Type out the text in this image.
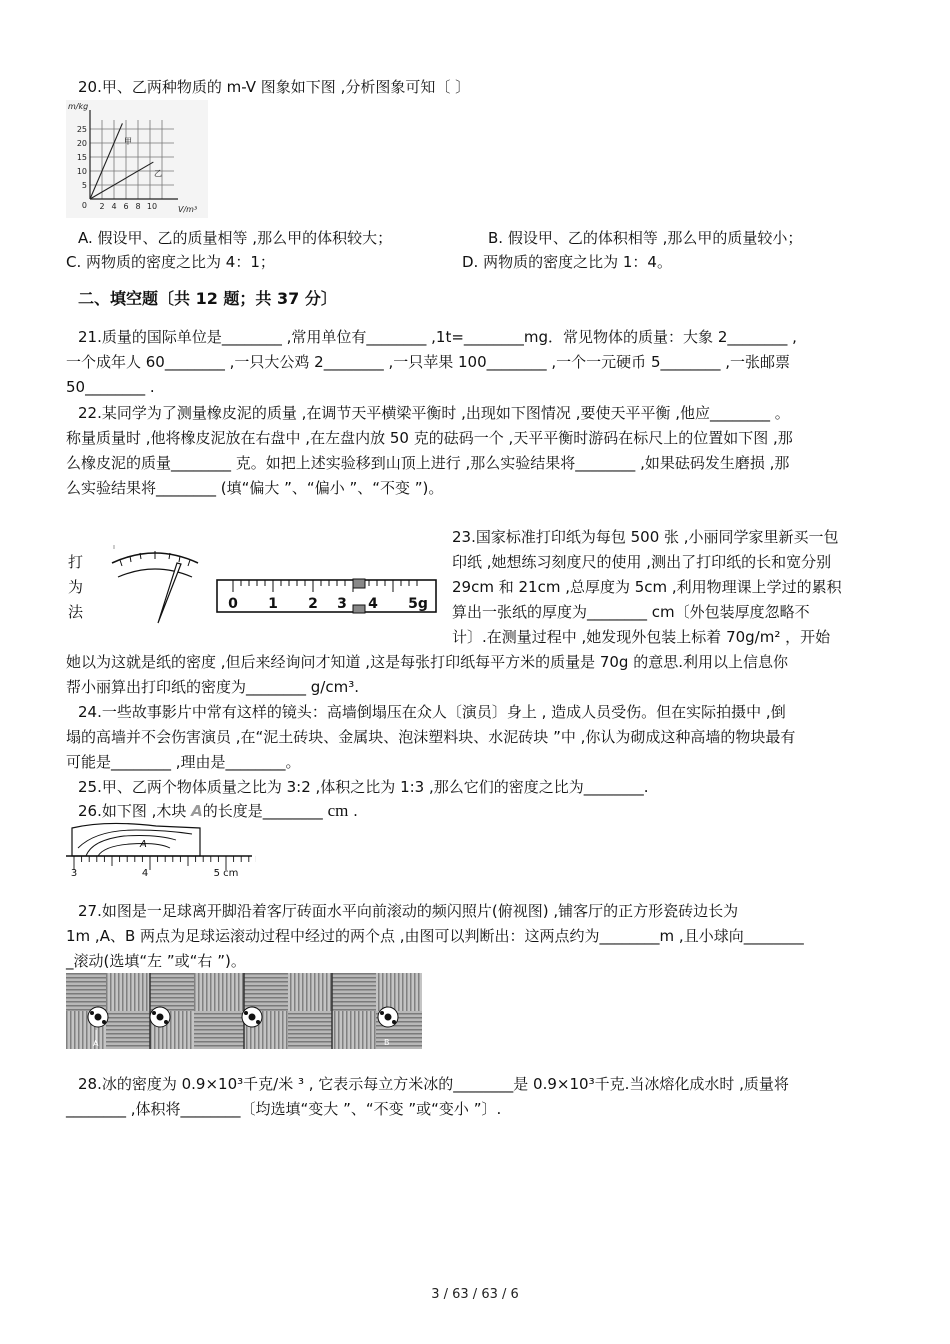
20.甲、乙两种物质的 m-V 图象如下图 ,分析图象可知〔 〕
m/kg
V/m³
25
20
15
10
5
0 2 4 6 8 10
甲
乙
A. 假设甲、乙的质量相等 ,那么甲的体积较大；	B. 假设甲、乙的体积相等 ,那么甲的质量较小；
C. 两物质的密度之比为 4：1；	D. 两物质的密度之比为 1：4。
二、填空题〔共 12 题；共 37 分〕
21.质量的国际单位是________ ,常用单位有________ ,1t=________mg．常见物体的质量：大象 2________ ,
一个成年人 60________ ,一只大公鸡 2________ ,一只苹果 100________ ,一个一元硬币 5________ ,一张邮票
50________ .
22.某同学为了测量橡皮泥的质量 ,在调节天平横梁平衡时 ,出现如下图情况 ,要使天平平衡 ,他应________ 。
称量质量时 ,他将橡皮泥放在右盘中 ,在左盘内放 50 克的砝码一个 ,天平平衡时游码在标尺上的位置如下图 ,那
么橡皮泥的质量________ 克。如把上述实验移到山顶上进行 ,那么实验结果将________ ,如果砝码发生磨损 ,那
么实验结果将________ (填“偏大 ”、“偏小 ”、“不变 ”)。
打
为
法	0 1 2 3 4 5g
23.国家标准打印纸为每包 500 张 ,小丽同学家里新买一包
印纸 ,她想练习刻度尺的使用 ,测出了打印纸的长和宽分别
29cm 和 21cm ,总厚度为 5cm ,利用物理课上学过的累积
算出一张纸的厚度为________ cm〔外包装厚度忽略不
计〕.在测量过程中 ,她发现外包装上标着 70g/m² ，开始
她以为这就是纸的密度 ,但后来经询问才知道 ,这是每张打印纸每平方米的质量是 70g 的意思.利用以上信息你
帮小丽算出打印纸的密度为________ g/cm³.
24.一些故事影片中常有这样的镜头：高墙倒塌压在众人〔演员〕身上 , 造成人员受伤。但在实际拍摄中 ,倒
塌的高墙并不会伤害演员 ,在“泥土砖块、金属块、泡沫塑料块、水泥砖块 ”中 ,你认为砌成这种高墙的物块最有
可能是________ ,理由是________。
25.甲、乙两个物体质量之比为 3:2 ,体积之比为 1:3 ,那么它们的密度之比为________.
26.如下图 ,木块 A的长度是________ cm .
A
3	4	5 cm
27.如图是一足球离开脚沿着客厅砖面水平向前滚动的频闪照片(俯视图) ,铺客厅的正方形瓷砖边长为
1m ,A、B 两点为足球运滚动过程中经过的两个点 ,由图可以判断出：这两点约为________m ,且小球向________
_滚动(选填“左 ”或“右 ”)。
A	B
28.冰的密度为 0.9×10³千克/米 ³ , 它表示每立方米冰的________是 0.9×10³千克.当冰熔化成水时 ,质量将
________ ,体积将________〔均选填“变大 ”、“不变 ”或“变小 ”〕.
3 / 63 / 63 / 6
